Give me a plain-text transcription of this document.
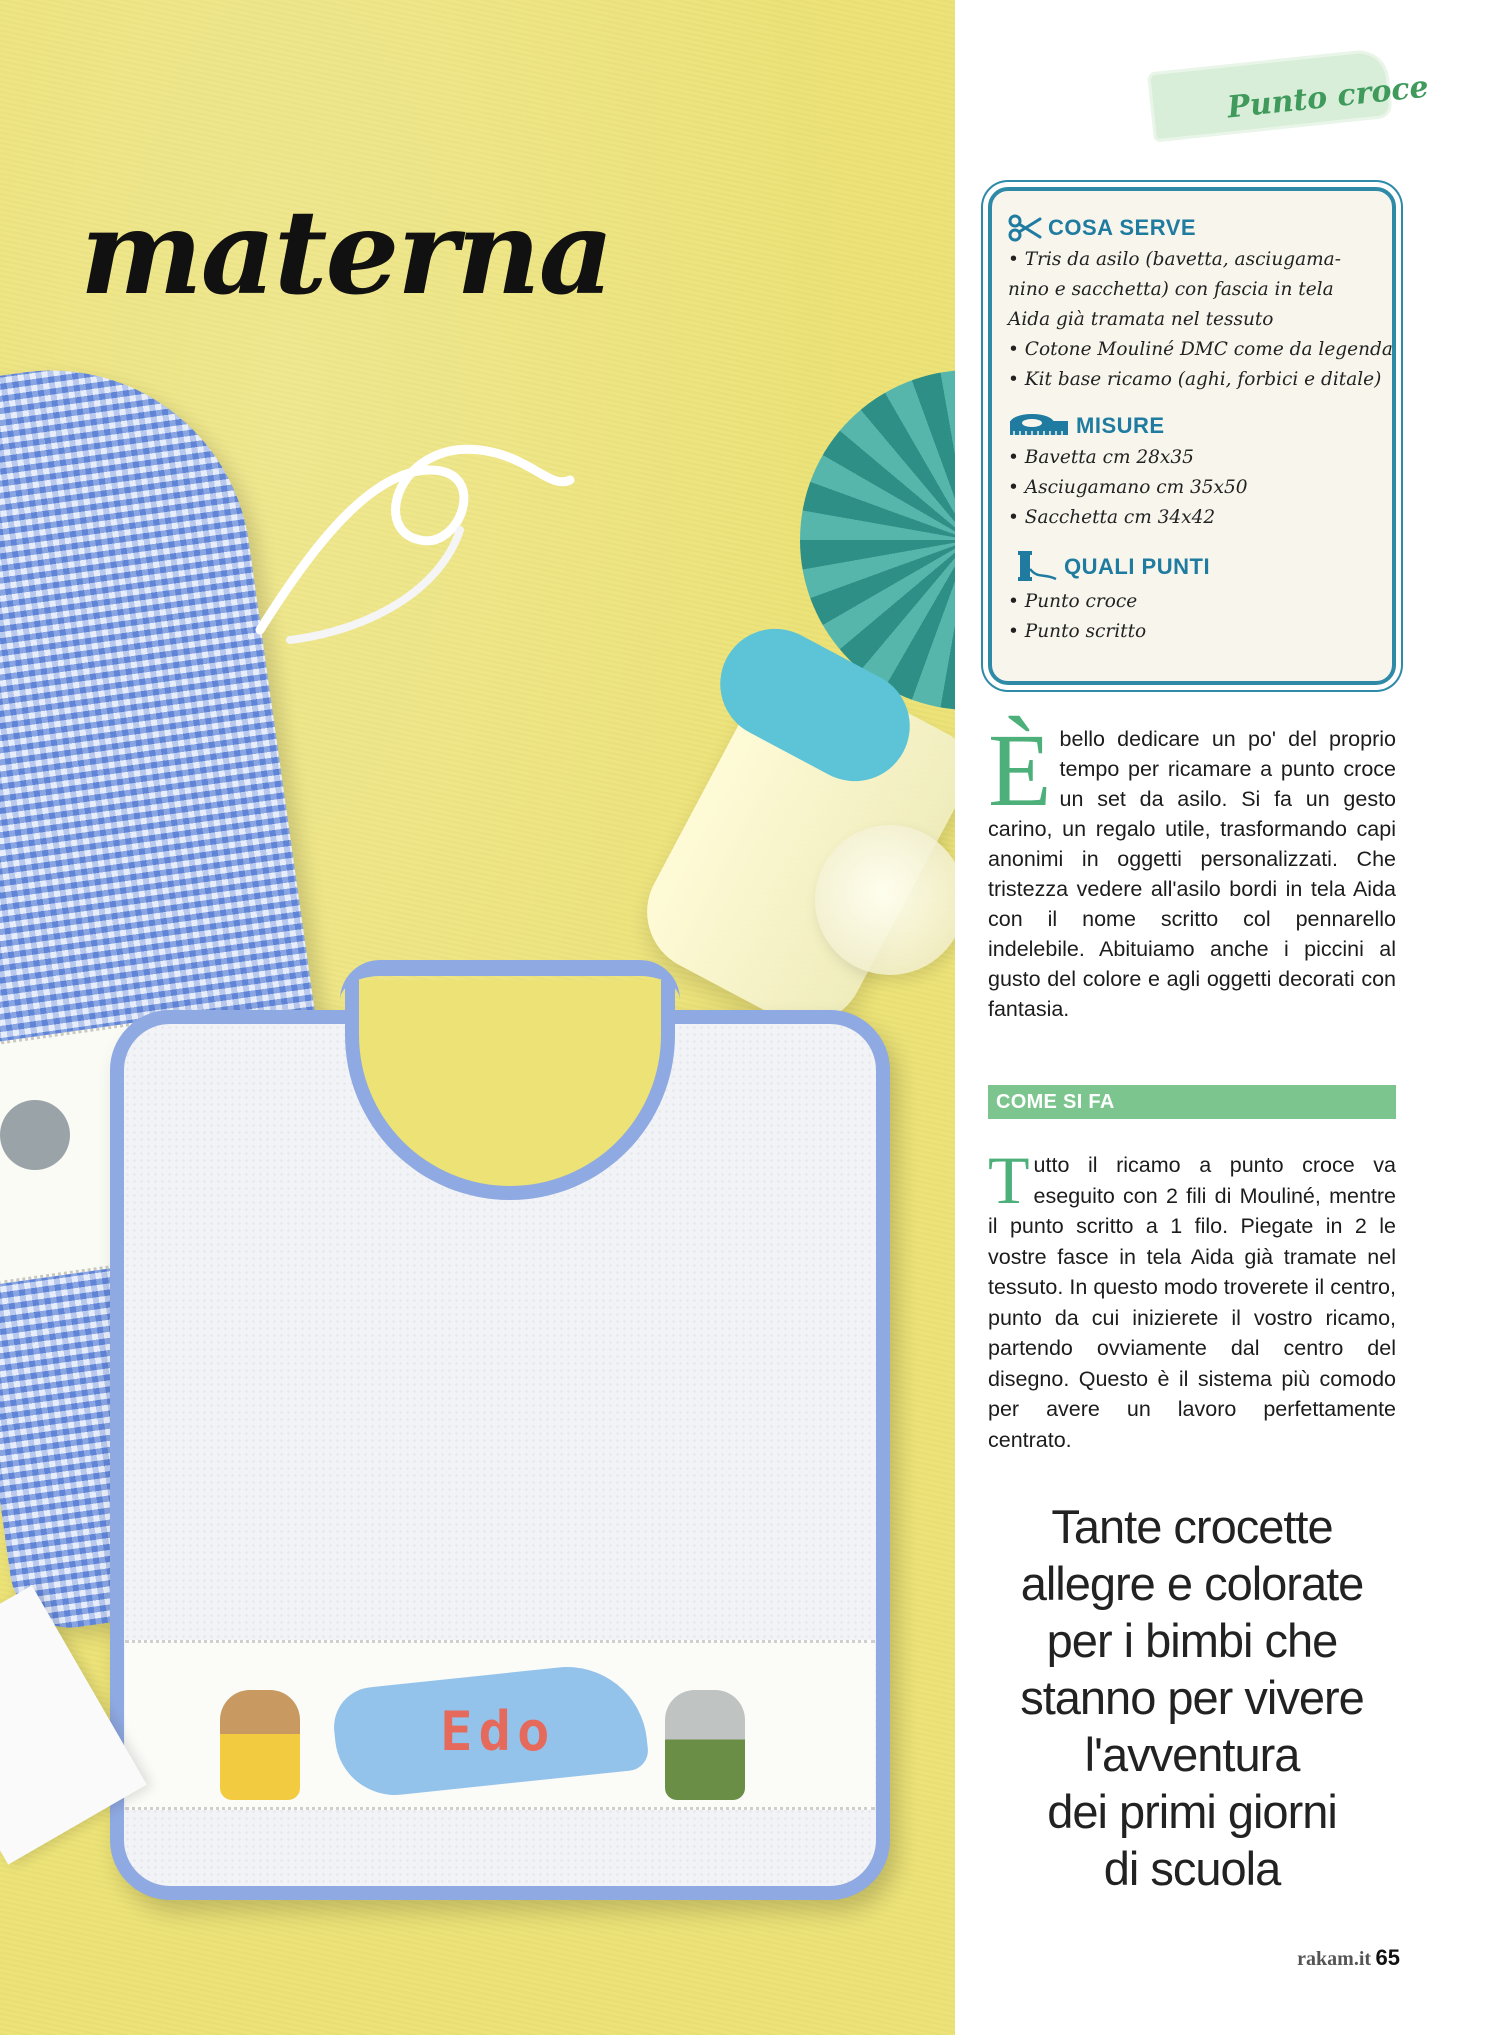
Edo
materna
Punto croce
COSA SERVE
• Tris da asilo (bavetta, asciugama-
nino e sacchetta) con fascia in tela
Aida già tramata nel tessuto
• Cotone Mouliné DMC come da legenda
• Kit base ricamo (aghi, forbici e ditale)
MISURE
• Bavetta cm 28x35
• Asciugamano cm 35x50
• Sacchetta cm 34x42
QUALI PUNTI
• Punto croce
• Punto scritto
È bello dedicare un po' del proprio tempo per ricamare a punto croce un set da asilo. Si fa un gesto carino, un regalo utile, trasformando capi anonimi in oggetti personalizzati. Che tristezza vedere all'asilo bordi in tela Aida con il nome scritto col pennarello indelebile. Abituiamo anche i piccini al gusto del colore e agli oggetti decorati con fantasia.
COME SI FA
T utto il ricamo a punto croce va eseguito con 2 fili di Mouliné, mentre il punto scritto a 1 filo. Piegate in 2 le vostre fasce in tela Aida già tramate nel tessuto. In questo modo troverete il centro, punto da cui inizierete il vostro ricamo, partendo ovviamente dal centro del disegno. Questo è il sistema più comodo per avere un lavoro perfettamente centrato.
Tante crocette
allegre e colorate
per i bimbi che
stanno per vivere
l'avventura
dei primi giorni
di scuola
rakam.it 65
